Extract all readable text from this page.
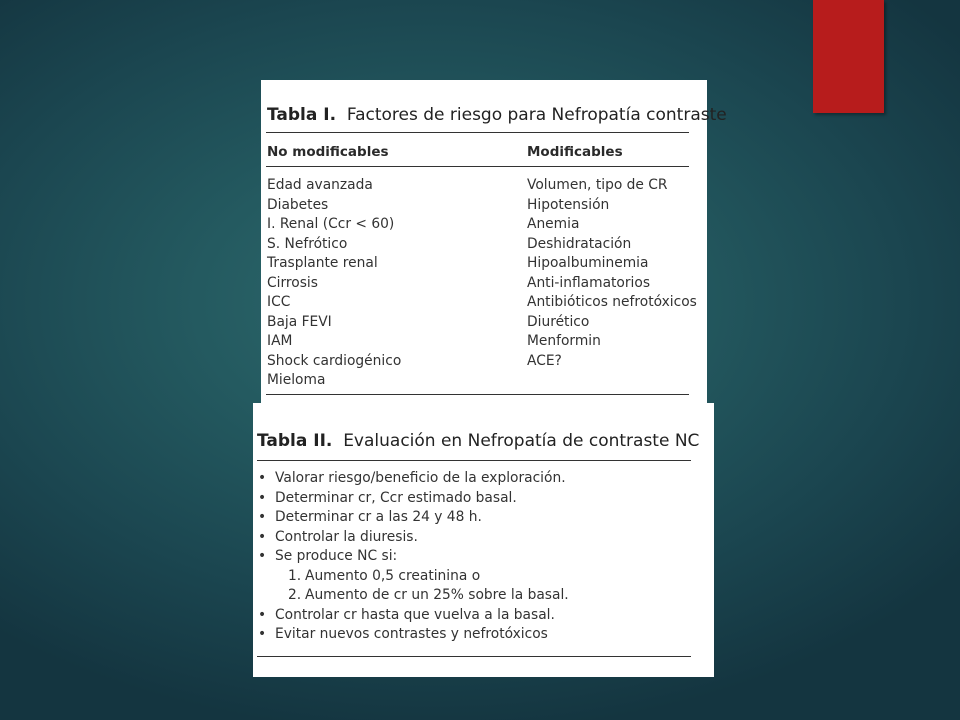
Tabla I. Factores de riesgo para Nefropatía contraste
No modificables	Modificables
Edad avanzada
Diabetes
I. Renal (Ccr < 60)
S. Nefrótico
Trasplante renal
Cirrosis
ICC
Baja FEVI
IAM
Shock cardiogénico
Mieloma
Volumen, tipo de CR
Hipotensión
Anemia
Deshidratación
Hipoalbuminemia
Anti-inflamatorios
Antibióticos nefrotóxicos
Diurético
Menformin
ACE?
Tabla II. Evaluación en Nefropatía de contraste NC
• Valorar riesgo/beneficio de la exploración.
• Determinar cr, Ccr estimado basal.
• Determinar cr a las 24 y 48 h.
• Controlar la diuresis.
• Se produce NC si:
1. Aumento 0,5 creatinina o
2. Aumento de cr un 25% sobre la basal.
• Controlar cr hasta que vuelva a la basal.
• Evitar nuevos contrastes y nefrotóxicos
